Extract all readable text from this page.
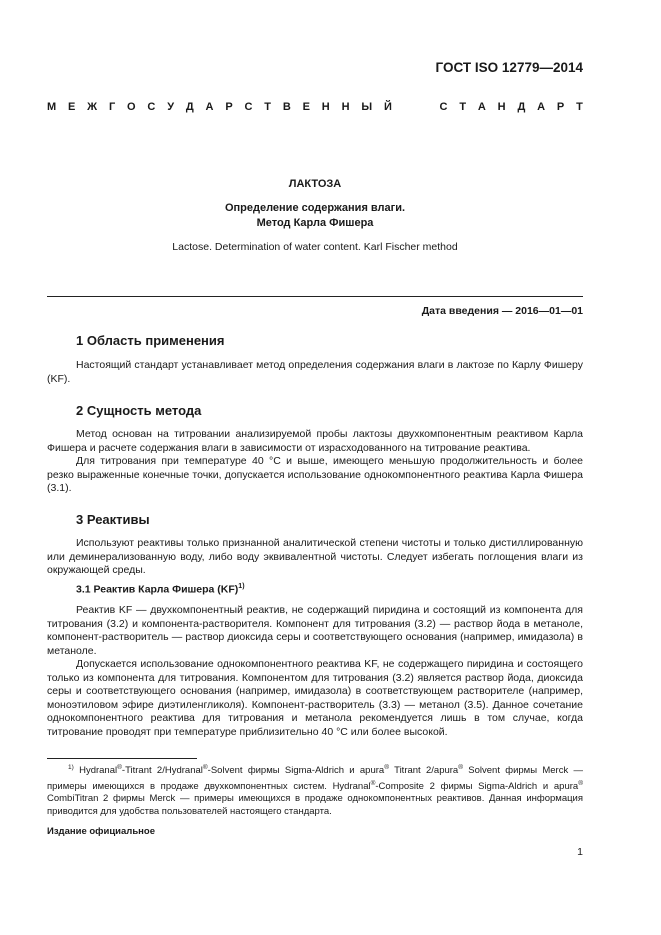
ГОСТ ISO 12779—2014
М Е Ж Г О С У Д А Р С Т В Е Н Н Ы Й	С Т А Н Д А Р Т
ЛАКТОЗА
Определение содержания влаги.
Метод Карла Фишера
Lactose. Determination of water content. Karl Fischer method
Дата введения — 2016—01—01
1 Область применения
Настоящий стандарт устанавливает метод определения содержания влаги в лактозе по Карлу Фишеру (KF).
2 Сущность метода
Метод основан на титровании анализируемой пробы лактозы двухкомпонентным реактивом Карла Фишера и расчете содержания влаги в зависимости от израсходованного на титрование реактива.
Для титрования при температуре 40 °С и выше, имеющего меньшую продолжительность и более резко выраженные конечные точки, допускается использование однокомпонентного реактива Карла Фишера (3.1).
3 Реактивы
Используют реактивы только признанной аналитической степени чистоты и только дистиллированную или деминерализованную воду, либо воду эквивалентной чистоты. Следует избегать поглощения влаги из окружающей среды.
3.1 Реактив Карла Фишера (KF)$^{1)}$
Реактив KF — двухкомпонентный реактив, не содержащий пиридина и состоящий из компонента для титрования (3.2) и компонента-растворителя. Компонент для титрования (3.2) — раствор йода в метаноле, компонент-растворитель — раствор диоксида серы и соответствующего основания (например, имидазола) в метаноле.
Допускается использование однокомпонентного реактива KF, не содержащего пиридина и состоящего только из компонента для титрования. Компонентом для титрования (3.2) является раствор йода, диоксида серы и соответствующего основания (например, имидазола) в соответствующем растворителе (например, моноэтиловом эфире диэтиленгликоля). Компонент-растворитель (3.3) — метанол (3.5). Данное сочетание однокомпонентного реактива для титрования и метанола рекомендуется лишь в том случае, когда титрование проводят при температуре приблизительно 40 °С или более высокой.
$^{1)}$ Hydranal®-Titrant 2/Hydranal®-Solvent фирмы Sigma-Aldrich и apura® Titrant 2/apura® Solvent фирмы Merck — примеры имеющихся в продаже двухкомпонентных систем. Hydranal®-Composite 2 фирмы Sigma-Aldrich и apura® CombiTitran 2 фирмы Merck — примеры имеющихся в продаже однокомпонентных реактивов. Данная информация приводится для удобства пользователей настоящего стандарта.
Издание официальное
1
